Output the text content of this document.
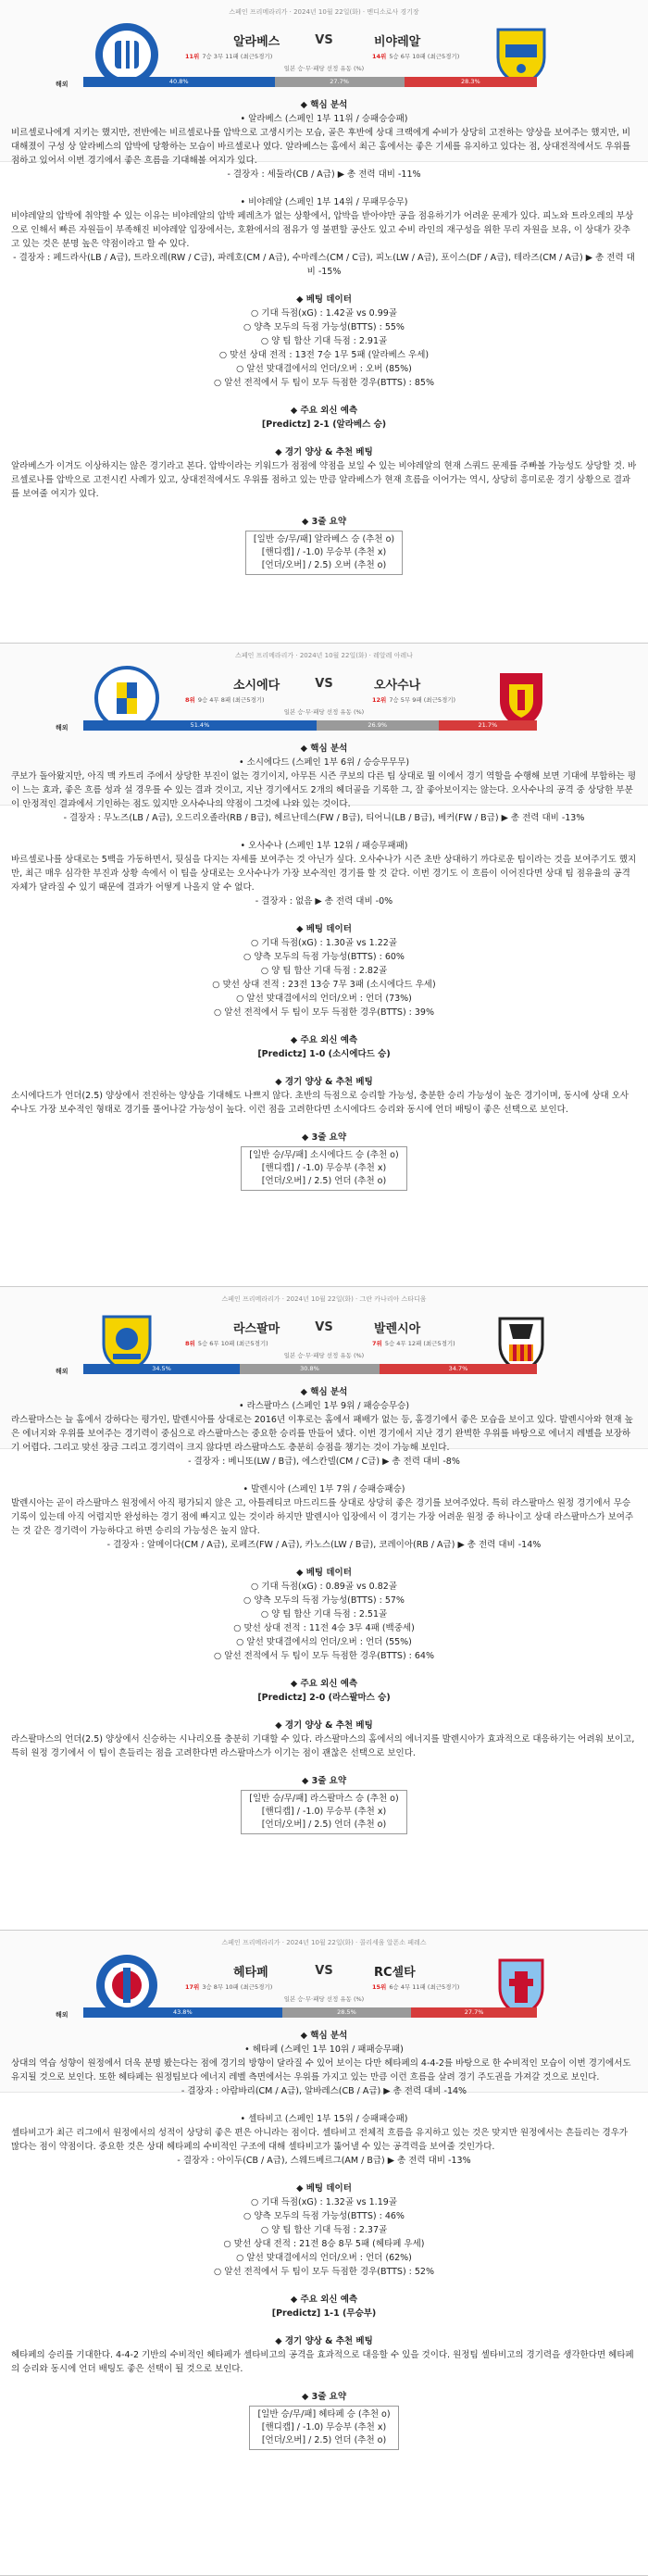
스페인 프리메라리가 · 2024년 10월 22일(화) · 멘디소로사 경기장
알라베스	VS	비야레알
11위 7승 3무 11패 (최근5경기)	14위 5승 6무 10패 (최근5경기)
일본 승·무·패당 선정 유동 (%)
해외	40.8%	27.7%	28.3%

◆ 핵심 분석

• 알라베스 (스페인 1부 11위 / 승패승승패)

비르셀로나에게 지키는 했지만, 전반에는 비르셀로나를 압박으로 고생시키는 모습, 골은 후반에 상대 크랙에게 수비가 상당히 고전하는 양상을 보여주는 했지만, 비대해졌이 구성 상 알라베스의 압박에 당황하는 모습이 바르셀로나 였다. 알라베스는 홈에서 최근 홈에서는 좋은 기세를 유지하고 있다는 점, 상대전적에서도 우위를 점하고 있어서 이번 경기에서 좋은 흐름을 기대해볼 여지가 있다.

- 결장자 : 세둘라(CB / A급) ▶ 총 전력 대비 -11%

• 비야레알 (스페인 1부 14위 / 무패무승무)

비야레알의 압박에 취약할 수 있는 이유는 비야레알의 압박 페레츠가 없는 상황에서, 압박을 받아야만 공을 점유하기가 어려운 문제가 있다. 피노와 트라오레의 부상으로 인해서 빠른 자원들이 부족해진 비야레알 입장에서는, 호환에서의 점유가 영 불편할 공산도 있고 수비 라인의 재구성을 위한 무리 자원을 보유, 이 상대가 갖추고 있는 것은 분명 높은 약점이라고 할 수 있다.

- 결장자 : 페드라사(LB / A급), 트라오레(RW / C급), 파레호(CM / A급), 수마레스(CM / C급), 피노(LW / A급), 포이스(DF / A급), 테라즈(CM / A급) ▶ 총 전력 대비 -15%

◆ 베팅 데이터

○ 기대 득점(xG) : 1.42골 vs 0.99골

○ 양측 모두의 득점 가능성(BTTS) : 55%

○ 양 팀 합산 기대 득점 : 2.91골

○ 맞선 상대 전적 : 13전 7승 1무 5패 (알라베스 우세)

○ 알선 맞대결에서의 언더/오버 : 오버 (85%)

○ 알선 전적에서 두 팀이 모두 득점한 경우(BTTS) : 85%

◆ 주요 외신 예측

[Predictz] 2-1 (알라베스 승)

◆ 경기 양상 & 추천 베팅

알라베스가 이겨도 이상하지는 않은 경기라고 본다. 압박이라는 키워드가 점점에 약점을 보일 수 있는 비야레알의 현재 스쿼드 문제를 주빠볼 가능성도 상당할 것. 바르셀로나를 압박으로 고전시킨 사례가 있고, 상대전적에서도 우위를 점하고 있는 만큼 알라베스가 현재 흐름을 이어가는 역시, 상당히 흥미로운 경기 상황으로 결과를 보여줄 여지가 있다.

◆ 3줄 요약

[일반 승/무/패] 알라베스 승 (추천 o)

[핸디캡] / -1.0) 무승부 (추천 x)

[언더/오버] / 2.5) 오버 (추천 o)

스페인 프리메라리가 · 2024년 10월 22일(화) · 레알레 아레나
소시에다	VS	오사수나
8위 9승 4무 8패 (최근5경기)	12위 7승 5무 9패 (최근5경기)
일본 승·무·패당 선정 유동 (%)
해외	51.4%	26.9%	21.7%

◆ 핵심 분석

• 소시에다드 (스페인 1부 6위 / 승승무무무)

쿠보가 돌아왔지만, 아직 맥 카트리 주에서 상당한 부진이 없는 경기이지, 아무튼 시즌 쿠보의 다른 팀 상대로 뭘 이에서 경기 역할을 수행해 보면 기대에 부합하는 평이 느는 효과, 좋은 흐름 성과 설 경우를 수 있는 결과 것이고, 지난 경기에서도 2개의 헤더골을 기록한 그, 잘 좋아보이지는 않는다. 오사수나의 공격 중 상당한 부분이 안정적인 결과에서 기인하는 점도 있지만 오사수나의 약점이 그것에 나와 있는 것이다.

- 결장자 : 무노즈(LB / A급), 오드리오졸라(RB / B급), 헤르난데스(FW / B급), 티어니(LB / B급), 베커(FW / B급) ▶ 총 전력 대비 -13%

• 오사수나 (스페인 1부 12위 / 패승무패패)

바르셀로나를 상대로는 5백을 가동하면서, 뒷심을 다지는 자세를 보여주는 것 아닌가 싶다. 오사수나가 시즌 초반 상대하기 까다로운 팀이라는 것을 보여주기도 했지만, 최근 매우 심각한 부진과 상황 속에서 이 팀을 상대로는 오사수나가 가장 보수적인 경기를 할 것 같다. 이번 경기도 이 흐름이 이어진다면 상대 팀 점유율의 공격 자체가 달라질 수 있기 때문에 결과가 어떻게 나올지 알 수 없다.

- 결장자 : 없음 ▶ 총 전력 대비 -0%

◆ 베팅 데이터

○ 기대 득점(xG) : 1.30골 vs 1.22골

○ 양측 모두의 득점 가능성(BTTS) : 60%

○ 양 팀 합산 기대 득점 : 2.82골

○ 맞선 상대 전적 : 23전 13승 7무 3패 (소시에다드 우세)

○ 알선 맞대결에서의 언더/오버 : 언더 (73%)

○ 알선 전적에서 두 팀이 모두 득점한 경우(BTTS) : 39%

◆ 주요 외신 예측

[Predictz] 1-0 (소시에다드 승)

◆ 경기 양상 & 추천 베팅

소시에다드가 언더(2.5) 양상에서 전진하는 양상을 기대해도 나쁘지 않다. 초반의 득점으로 승리할 가능성, 충분한 승리 가능성이 높은 경기이며, 동시에 상대 오사수나도 가장 보수적인 형태로 경기를 풀어나갈 가능성이 높다. 이런 점을 고려한다면 소시에다드 승리와 동시에 언더 배팅이 좋은 선택으로 보인다.

◆ 3줄 요약

[일반 승/무/패] 소시에다드 승 (추천 o)

[핸디캡] / -1.0) 무승부 (추천 x)

[언더/오버] / 2.5) 언더 (추천 o)

스페인 프리메라리가 · 2024년 10월 22일(화) · 그란 카나리아 스타디움
라스팔마	VS	발렌시아
8위 5승 6무 10패 (최근5경기)	7위 5승 4무 12패 (최근5경기)
일본 승·무·패당 선정 유동 (%)
해외	34.5%	30.8%	34.7%

◆ 핵심 분석

• 라스팔마스 (스페인 1부 9위 / 패승승무승)

라스팔마스는 늘 홈에서 강하다는 평가인, 발렌시아를 상대로는 2016년 이후로는 홈에서 패배가 없는 등, 홈경기에서 좋은 모습을 보이고 있다. 발렌시아와 현재 높은 에너지와 우위를 보여주는 경기력이 중심으로 라스팔마스는 중요한 승리를 만들어 냈다. 이번 경기에서 지난 경기 완벽한 우위를 바탕으로 에너지 레벨을 보장하기 어렵다. 그리고 맞선 장금 그리고 경기력이 크지 않다면 라스팔마스도 충분히 승점을 챙기는 것이 가능해 보인다.

- 결장자 : 베니또(LW / B급), 에스칸델(CM / C급) ▶ 총 전력 대비 -8%

• 발렌시아 (스페인 1부 7위 / 승패승패승)

발렌시아는 곧이 라스팔마스 원정에서 아직 평가되지 않은 고, 아틀레티코 마드리드를 상대로 상당히 좋은 경기를 보여주었다. 특히 라스팔마스 원정 경기에서 무승 기록이 있는데 아직 어렵지만 완성하는 경기 점에 빠지고 있는 것이라 하지만 발렌시아 입장에서 이 경기는 가장 어려운 원정 중 하나이고 상대 라스팔마스가 보여주는 것 같은 경기력이 가능하다고 하면 승리의 가능성은 높지 않다.

- 결장자 : 알메이다(CM / A급), 로페즈(FW / A급), 카노스(LW / B급), 코레이아(RB / A급) ▶ 총 전력 대비 -14%

◆ 베팅 데이터

○ 기대 득점(xG) : 0.89골 vs 0.82골

○ 양측 모두의 득점 가능성(BTTS) : 57%

○ 양 팀 합산 기대 득점 : 2.51골

○ 맞선 상대 전적 : 11전 4승 3무 4패 (백중세)

○ 알선 맞대결에서의 언더/오버 : 언더 (55%)

○ 알선 전적에서 두 팀이 모두 득점한 경우(BTTS) : 64%

◆ 주요 외신 예측

[Predictz] 2-0 (라스팔마스 승)

◆ 경기 양상 & 추천 베팅

라스팔마스의 언더(2.5) 양상에서 신승하는 시나리오를 충분히 기대할 수 있다. 라스팔마스의 홈에서의 에너지를 발렌시아가 효과적으로 대응하기는 어려워 보이고, 특히 원정 경기에서 이 팀이 흔들리는 점을 고려한다면 라스팔마스가 이기는 점이 괜찮은 선택으로 보인다.

◆ 3줄 요약

[일반 승/무/패] 라스팔마스 승 (추천 o)

[핸디캡] / -1.0) 무승부 (추천 x)

[언더/오버] / 2.5) 언더 (추천 o)

스페인 프리메라리가 · 2024년 10월 22일(화) · 콜리세움 알폰소 페레스
헤타페	VS	RC셀타
17위 3승 8무 10패 (최근5경기)	15위 6승 4무 11패 (최근5경기)
일본 승·무·패당 선정 유동 (%)
해외	43.8%	28.5%	27.7%

◆ 핵심 분석

• 헤타페 (스페인 1부 10위 / 패패승무패)

상대의 역습 성향이 원정에서 더욱 분명 봤는다는 점에 경기의 방향이 달라질 수 있어 보이는 다만 헤타페의 4-4-2를 바탕으로 한 수비적인 모습이 이번 경기에서도 유지될 것으로 보인다. 또한 헤타페는 원정팀보다 에너지 레벨 측면에서는 우위를 가지고 있는 만큼 이런 흐름을 살려 경기 주도권을 가져갈 것으로 보인다.

- 결장자 : 아람바리(CM / A급), 알바레스(CB / A급) ▶ 총 전력 대비 -14%

• 셀타비고 (스페인 1부 15위 / 승패패승패)

셀타비고가 최근 리그에서 원정에서의 성적이 상당히 좋은 편은 아니라는 점이다. 셀타비고 전체적 흐름을 유지하고 있는 것은 맞지만 원정에서는 흔들리는 경우가 많다는 점이 약점이다. 중요한 것은 상대 헤타페의 수비적인 구조에 대해 셀타비고가 뚫어낼 수 있는 공격력을 보여줄 것인가다.

- 결장자 : 아이두(CB / A급), 스웨드베르그(AM / B급) ▶ 총 전력 대비 -13%

◆ 베팅 데이터

○ 기대 득점(xG) : 1.32골 vs 1.19골

○ 양측 모두의 득점 가능성(BTTS) : 46%

○ 양 팀 합산 기대 득점 : 2.37골

○ 맞선 상대 전적 : 21전 8승 8무 5패 (헤타페 우세)

○ 알선 맞대결에서의 언더/오버 : 언더 (62%)

○ 알선 전적에서 두 팀이 모두 득점한 경우(BTTS) : 52%

◆ 주요 외신 예측

[Predictz] 1-1 (무승부)

◆ 경기 양상 & 추천 베팅

헤타페의 승리를 기대한다. 4-4-2 기반의 수비적인 헤타페가 셀타비고의 공격을 효과적으로 대응할 수 있을 것이다. 원정팀 셀타비고의 경기력을 생각한다면 헤타페의 승리와 동시에 언더 배팅도 좋은 선택이 될 것으로 보인다.

◆ 3줄 요약

[일반 승/무/패] 헤타페 승 (추천 o)

[핸디캡] / -1.0) 무승부 (추천 x)

[언더/오버] / 2.5) 언더 (추천 o)
